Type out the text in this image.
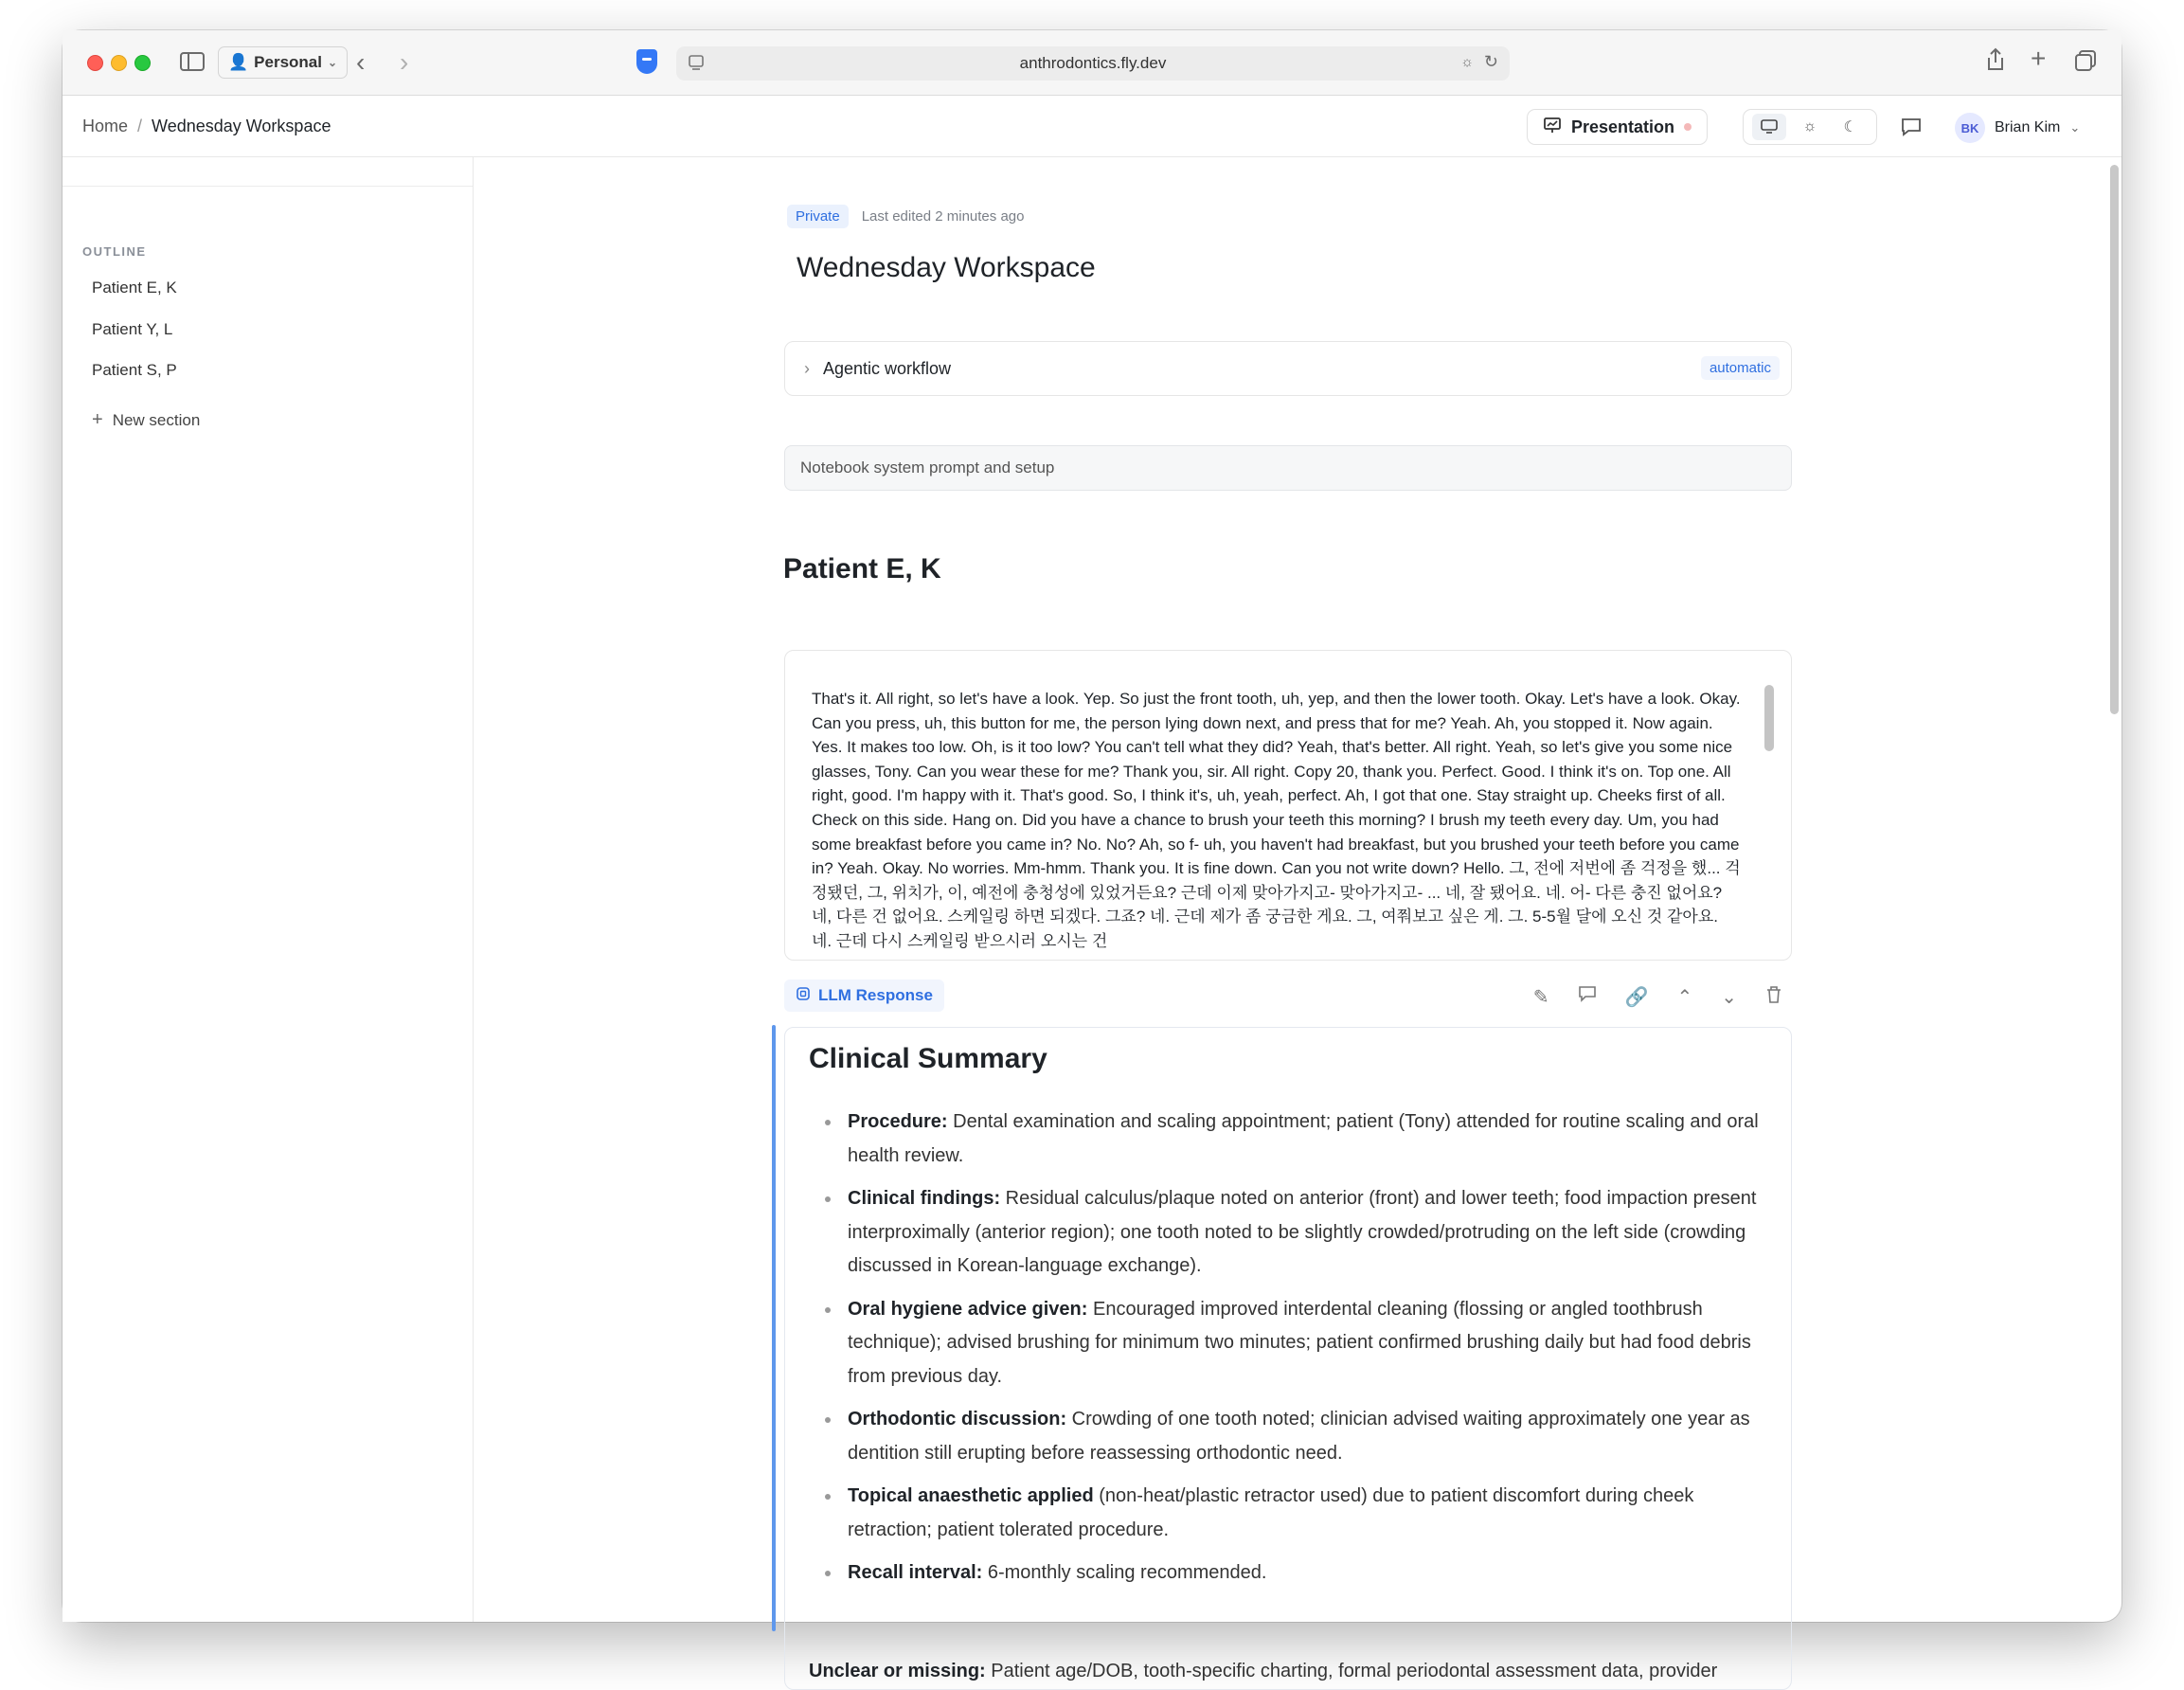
👤 Personal ⌄ ‹ ›	anthrodontics.fly.dev	☼ ↻	+
Home / Wednesday Workspace	Presentation	☼	☾	BK	Brian Kim ⌄
OUTLINE
Patient E, K
Patient Y, L
Patient S, P
+ New section
Private	Last edited 2 minutes ago
Wednesday Workspace
› Agentic workflow	automatic
Notebook system prompt and setup
Patient E, K
That's it. All right, so let's have a look. Yep. So just the front tooth, uh, yep, and then the lower tooth. Okay. Let's have a look. Okay. Can you press, uh, this button for me, the person lying down next, and press that for me? Yeah. Ah, you stopped it. Now again. Yes. It makes too low. Oh, is it too low? You can't tell what they did? Yeah, that's better. All right. Yeah, so let's give you some nice glasses, Tony. Can you wear these for me? Thank you, sir. All right. Copy 20, thank you. Perfect. Good. I think it's on. Top one. All right, good. I'm happy with it. That's good. So, I think it's, uh, yeah, perfect. Ah, I got that one. Stay straight up. Cheeks first of all. Check on this side. Hang on. Did you have a chance to brush your teeth this morning? I brush my teeth every day. Um, you had some breakfast before you came in? No. No? Ah, so f- uh, you haven't had breakfast, but you brushed your teeth before you came in? Yeah. Okay. No worries. Mm-hmm. Thank you. It is fine down. Can you not write down? Hello. 그, 전에 저번에 좀 걱정을 했... 걱정됐던, 그, 위치가, 이, 예전에 충청성에 있었거든요? 근데 이제 맞아가지고- 맞아가지고- ... 네, 잘 됐어요. 네. 어- 다른 충진 없어요? 네, 다른 건 없어요. 스케일링 하면 되겠다. 그죠? 네. 근데 제가 좀 궁금한 게요. 그, 여쭤보고 싶은 게. 그. 5-5월 달에 오신 것 같아요. 네. 근데 다시 스케일링 받으시러 오시는 건
LLM Response	✎	🔗 ⌃ ⌄
Clinical Summary
Procedure: Dental examination and scaling appointment; patient (Tony) attended for routine scaling and oral health review.
Clinical findings: Residual calculus/plaque noted on anterior (front) and lower teeth; food impaction present interproximally (anterior region); one tooth noted to be slightly crowded/protruding on the left side (crowding discussed in Korean-language exchange).
Oral hygiene advice given: Encouraged improved interdental cleaning (flossing or angled toothbrush technique); advised brushing for minimum two minutes; patient confirmed brushing daily but had food debris from previous day.
Orthodontic discussion: Crowding of one tooth noted; clinician advised waiting approximately one year as dentition still erupting before reassessing orthodontic need.
Topical anaesthetic applied (non-heat/plastic retractor used) due to patient discomfort during cheek retraction; patient tolerated procedure.
Recall interval: 6-monthly scaling recommended.
Unclear or missing: Patient age/DOB, tooth-specific charting, formal periodontal assessment data, provider
